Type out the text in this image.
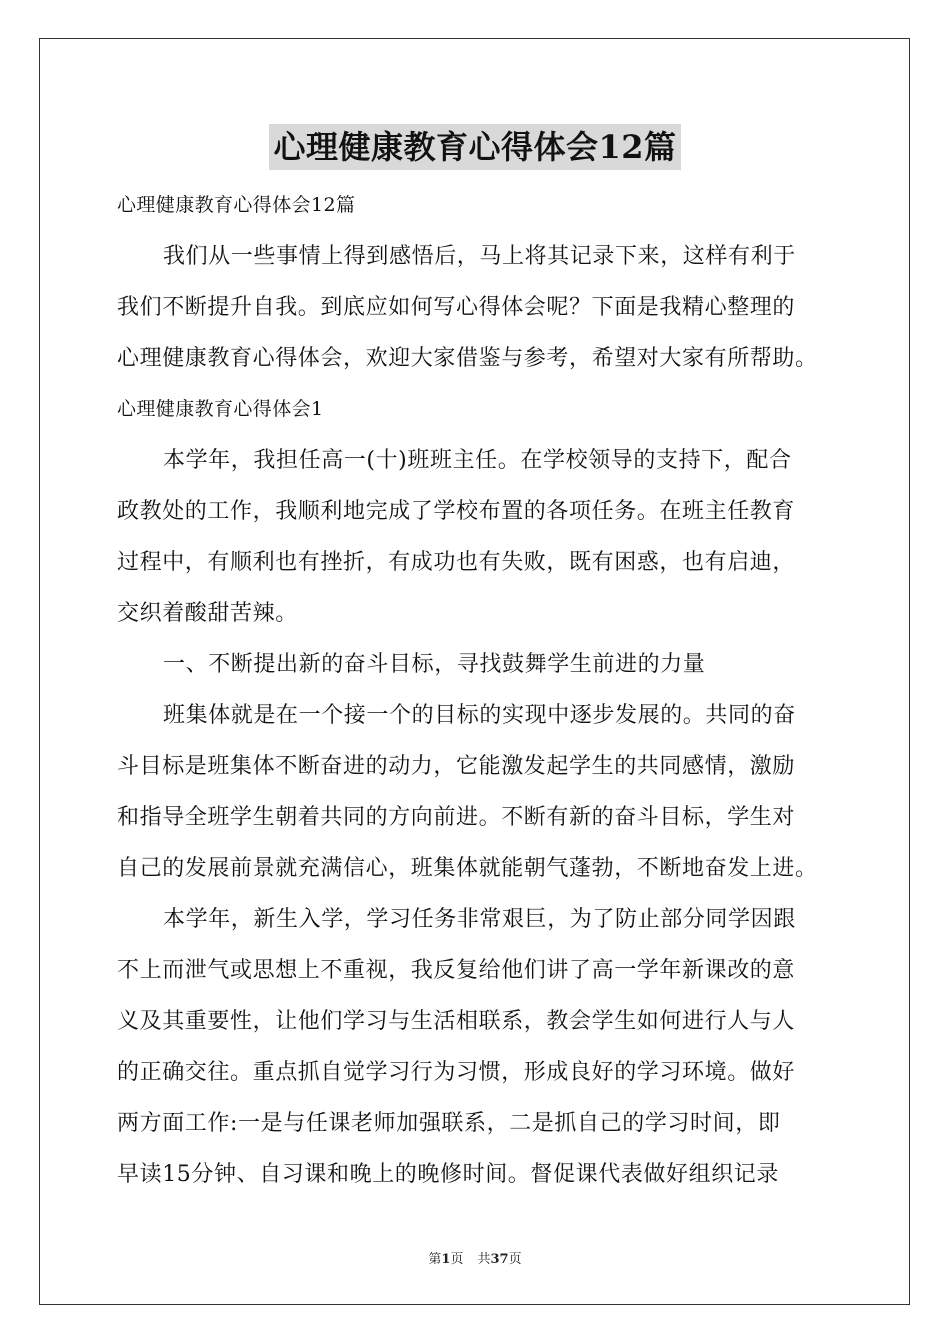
心理健康教育心得体会12篇
心理健康教育心得体会12篇
我们从一些事情上得到感悟后，马上将其记录下来，这样有利于
我们不断提升自我。到底应如何写心得体会呢？下面是我精心整理的
心理健康教育心得体会，欢迎大家借鉴与参考，希望对大家有所帮助。
心理健康教育心得体会1
本学年，我担任高一(十)班班主任。在学校领导的支持下，配合
政教处的工作，我顺利地完成了学校布置的各项任务。在班主任教育
过程中，有顺利也有挫折，有成功也有失败，既有困惑，也有启迪，
交织着酸甜苦辣。
一、不断提出新的奋斗目标，寻找鼓舞学生前进的力量
班集体就是在一个接一个的目标的实现中逐步发展的。共同的奋
斗目标是班集体不断奋进的动力，它能激发起学生的共同感情，激励
和指导全班学生朝着共同的方向前进。不断有新的奋斗目标，学生对
自己的发展前景就充满信心，班集体就能朝气蓬勃，不断地奋发上进。
本学年，新生入学，学习任务非常艰巨，为了防止部分同学因跟
不上而泄气或思想上不重视，我反复给他们讲了高一学年新课改的意
义及其重要性，让他们学习与生活相联系，教会学生如何进行人与人
的正确交往。重点抓自觉学习行为习惯，形成良好的学习环境。做好
两方面工作:一是与任课老师加强联系，二是抓自己的学习时间，即
早读15分钟、自习课和晚上的晚修时间。督促课代表做好组织记录
第1页 共37页
